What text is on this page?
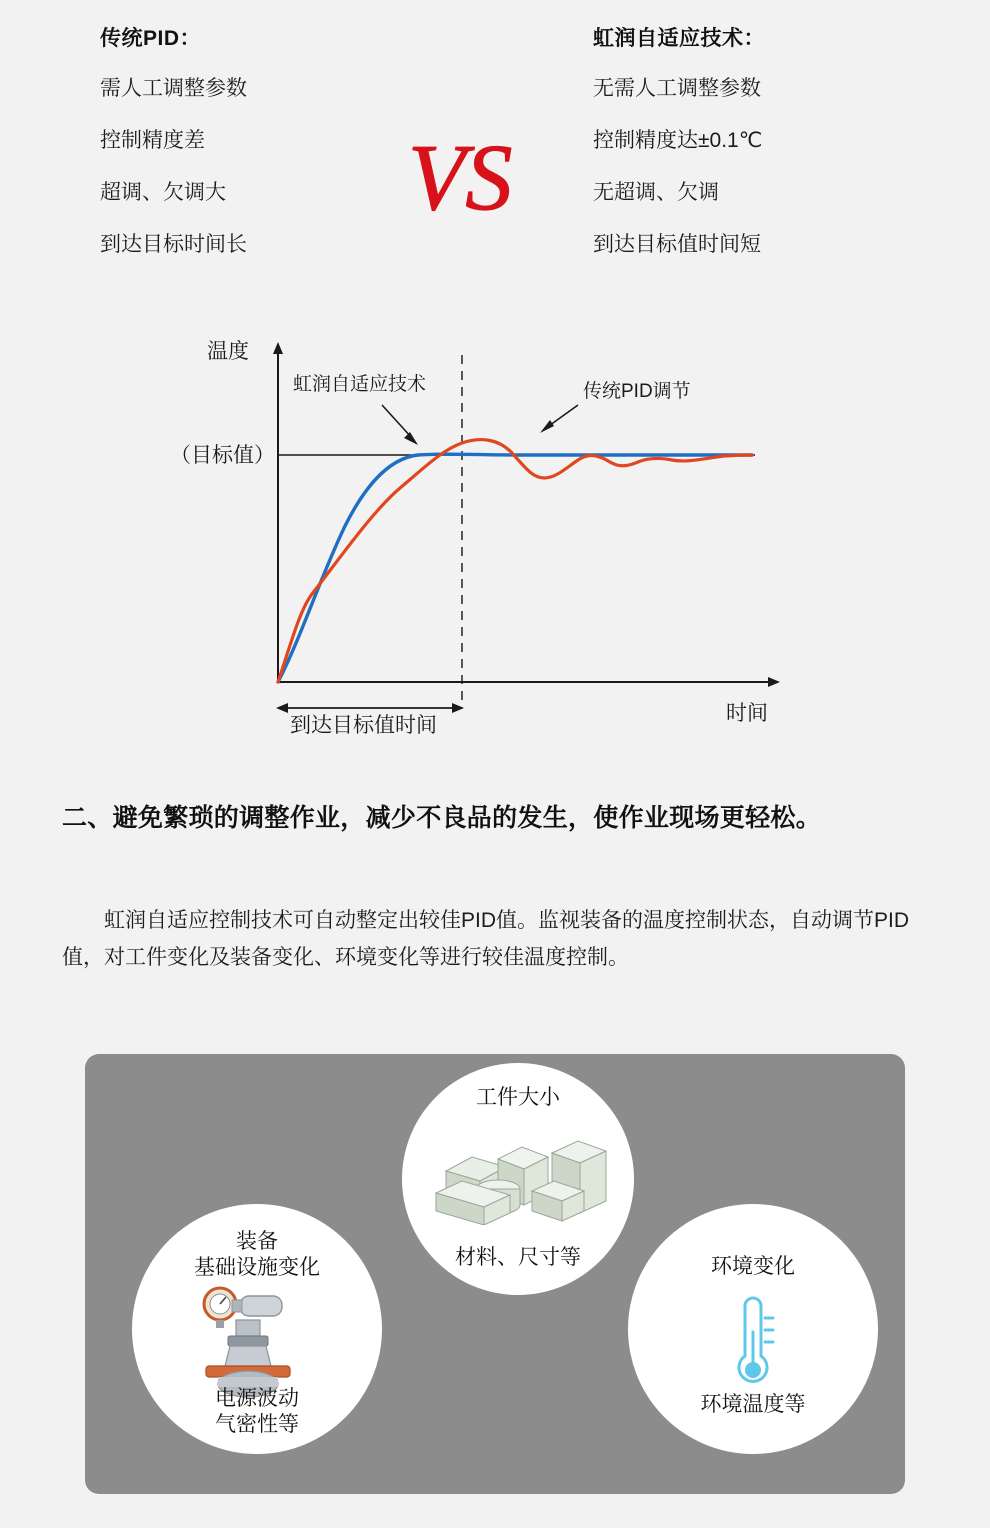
传统PID：
需人工调整参数
控制精度差
超调、欠调大
到达目标时间长
VS
虹润自适应技术：
无需人工调整参数
控制精度达±0.1℃
无超调、欠调
到达目标值时间短
温度
时间
（目标值）
到达目标值时间
虹润自适应技术	传统PID调节
二、避免繁琐的调整作业，减少不良品的发生，使作业现场更轻松。
虹润自适应控制技术可自动整定出较佳PID值。监视装备的温度控制状态，自动调节PID值，对工件变化及装备变化、环境变化等进行较佳温度控制。
工件大小
材料、尺寸等
装备
基础设施变化
电源波动
气密性等
环境变化
环境温度等
